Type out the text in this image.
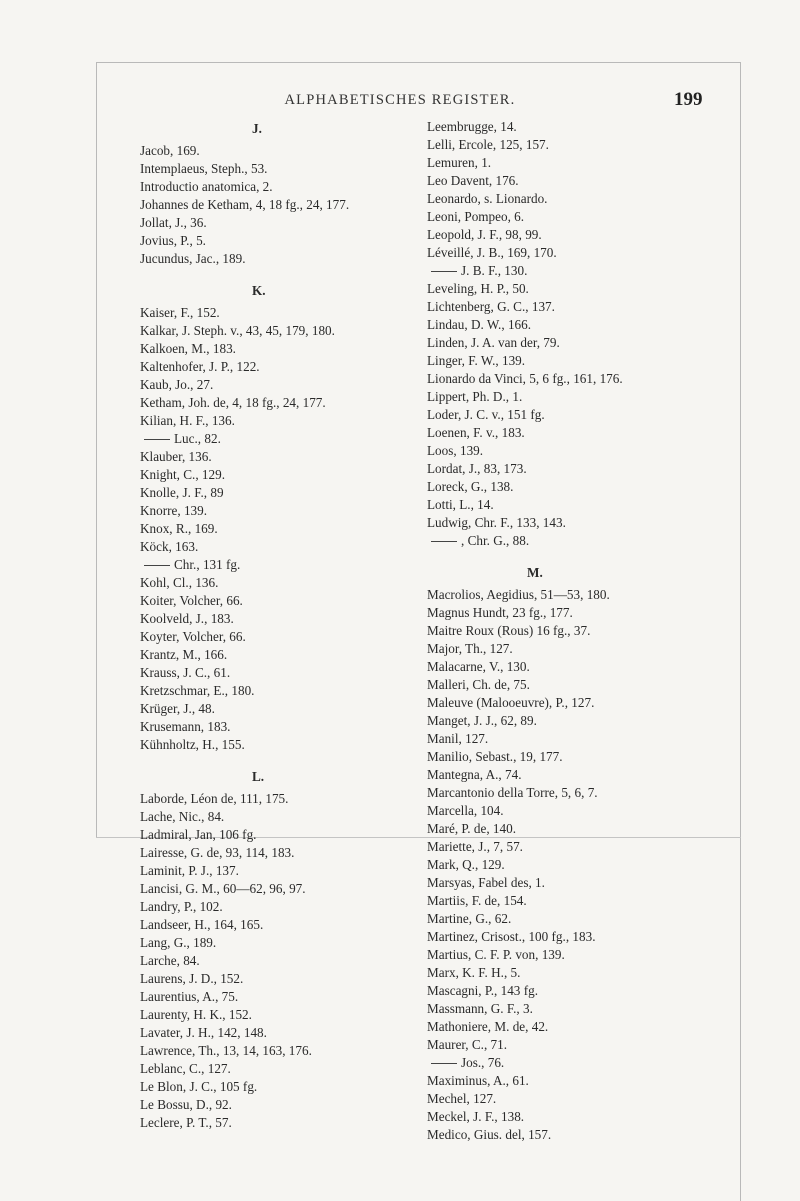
ALPHABETISCHES REGISTER.	199
J.
Jacob, 169.
Intemplaeus, Steph., 53.
Introductio anatomica, 2.
Johannes de Ketham, 4, 18 fg., 24, 177.
Jollat, J., 36.
Jovius, P., 5.
Jucundus, Jac., 189.
K.
Kaiser, F., 152.
Kalkar, J. Steph. v., 43, 45, 179, 180.
Kalkoen, M., 183.
Kaltenhofer, J. P., 122.
Kaub, Jo., 27.
Ketham, Joh. de, 4, 18 fg., 24, 177.
Kilian, H. F., 136.
Luc., 82.
Klauber, 136.
Knight, C., 129.
Knolle, J. F., 89
Knorre, 139.
Knox, R., 169.
Köck, 163.
Chr., 131 fg.
Kohl, Cl., 136.
Koiter, Volcher, 66.
Koolveld, J., 183.
Koyter, Volcher, 66.
Krantz, M., 166.
Krauss, J. C., 61.
Kretzschmar, E., 180.
Krüger, J., 48.
Krusemann, 183.
Kühnholtz, H., 155.
L.
Laborde, Léon de, 111, 175.
Lache, Nic., 84.
Ladmiral, Jan, 106 fg.
Lairesse, G. de, 93, 114, 183.
Laminit, P. J., 137.
Lancisi, G. M., 60—62, 96, 97.
Landry, P., 102.
Landseer, H., 164, 165.
Lang, G., 189.
Larche, 84.
Laurens, J. D., 152.
Laurentius, A., 75.
Laurenty, H. K., 152.
Lavater, J. H., 142, 148.
Lawrence, Th., 13, 14, 163, 176.
Leblanc, C., 127.
Le Blon, J. C., 105 fg.
Le Bossu, D., 92.
Leclere, P. T., 57.
Leembrugge, 14.
Lelli, Ercole, 125, 157.
Lemuren, 1.
Leo Davent, 176.
Leonardo, s. Lionardo.
Leoni, Pompeo, 6.
Leopold, J. F., 98, 99.
Léveillé, J. B., 169, 170.
J. B. F., 130.
Leveling, H. P., 50.
Lichtenberg, G. C., 137.
Lindau, D. W., 166.
Linden, J. A. van der, 79.
Linger, F. W., 139.
Lionardo da Vinci, 5, 6 fg., 161, 176.
Lippert, Ph. D., 1.
Loder, J. C. v., 151 fg.
Loenen, F. v., 183.
Loos, 139.
Lordat, J., 83, 173.
Loreck, G., 138.
Lotti, L., 14.
Ludwig, Chr. F., 133, 143.
, Chr. G., 88.
M.
Macrolios, Aegidius, 51—53, 180.
Magnus Hundt, 23 fg., 177.
Maitre Roux (Rous) 16 fg., 37.
Major, Th., 127.
Malacarne, V., 130.
Malleri, Ch. de, 75.
Maleuve (Malooeuvre), P., 127.
Manget, J. J., 62, 89.
Manil, 127.
Manilio, Sebast., 19, 177.
Mantegna, A., 74.
Marcantonio della Torre, 5, 6, 7.
Marcella, 104.
Maré, P. de, 140.
Mariette, J., 7, 57.
Mark, Q., 129.
Marsyas, Fabel des, 1.
Martiis, F. de, 154.
Martine, G., 62.
Martinez, Crisost., 100 fg., 183.
Martius, C. F. P. von, 139.
Marx, K. F. H., 5.
Mascagni, P., 143 fg.
Massmann, G. F., 3.
Mathoniere, M. de, 42.
Maurer, C., 71.
Jos., 76.
Maximinus, A., 61.
Mechel, 127.
Meckel, J. F., 138.
Medico, Gius. del, 157.
